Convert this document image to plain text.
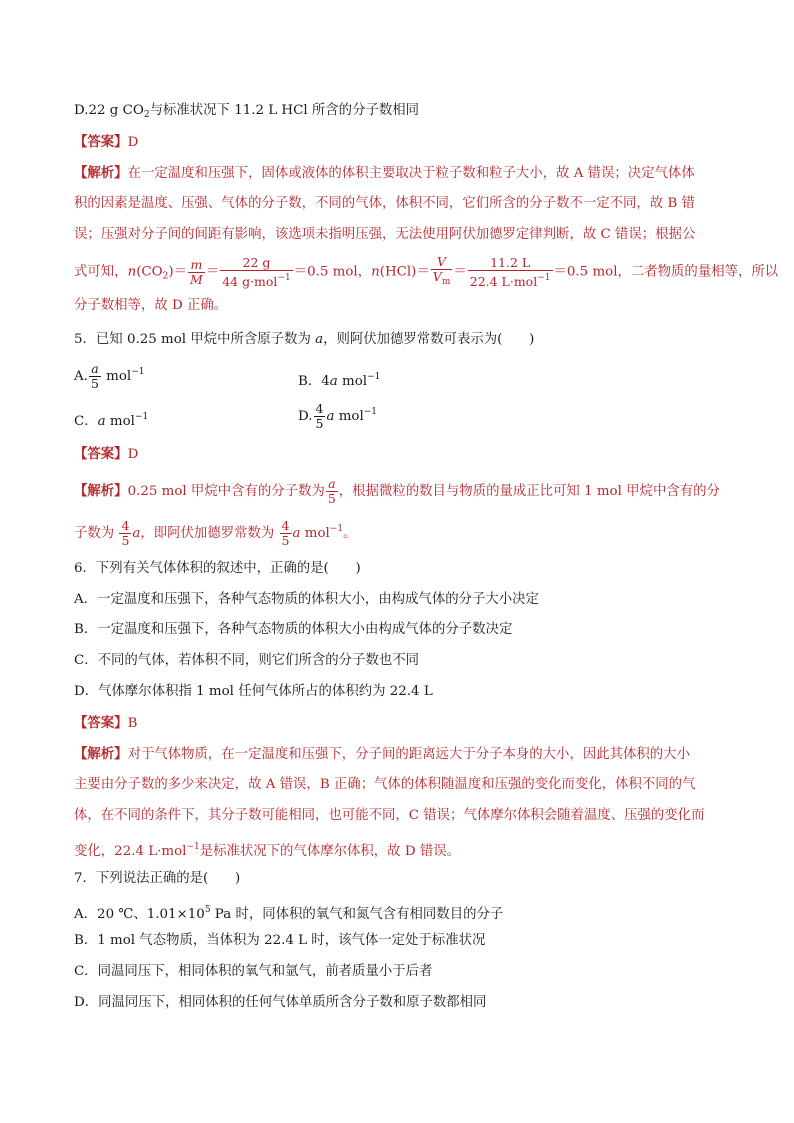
D.22 g $CO_2$与标准状况下 11.2 L HCl 所含的分子数相同
【答案】D
【解析】在一定温度和压强下，固体或液体的体积主要取决于粒子数和粒子大小，故 A 错误；决定气体体
积的因素是温度、压强、气体的分子数，不同的气体，体积不同，它们所含的分子数不一定不同，故 B 错
误；压强对分子间的间距有影响，该选项未指明压强，无法使用阿伏加德罗定律判断，故 C 错误；根据公
式可知，$n(CO_2)= \frac{m}{M} = \frac{22 g}{44 g\cdot mol^{-1}} =0.5$ mol，$n(HCl)= \frac{V}{V_m} = \frac{11.2 L}{22.4 L\cdot mol^{-1}} =0.5$ mol，二者物质的量相等，所以
分子数相等，故 D 正确。
5．已知 0.25 mol 甲烷中所含原子数为 a，则阿伏加德罗常数可表示为(　　)
A. $\frac{a}{5} mol^{-1}$
B．4a mol$^{-1}$
C．a mol$^{-1}$	D. $\frac{4}{5}$ a mol$^{-1}$
【答案】D
【解析】0.25 mol 甲烷中含有的分子数为 $\frac{a}{5}$ ，根据微粒的数目与物质的量成正比可知 1 mol 甲烷中含有的分
子数为 $\frac{4}{5}$ a，即阿伏加德罗常数为 $\frac{4}{5}$ a mol$^{-1}$。
6．下列有关气体体积的叙述中，正确的是(　　)
A．一定温度和压强下，各种气态物质的体积大小，由构成气体的分子大小决定
B．一定温度和压强下，各种气态物质的体积大小由构成气体的分子数决定
C．不同的气体，若体积不同，则它们所含的分子数也不同
D．气体摩尔体积指 1 mol 任何气体所占的体积约为 22.4 L
【答案】B
【解析】对于气体物质，在一定温度和压强下，分子间的距离远大于分子本身的大小，因此其体积的大小
主要由分子数的多少来决定，故 A 错误，B 正确；气体的体积随温度和压强的变化而变化，体积不同的气
体，在不同的条件下，其分子数可能相同，也可能不同，C 错误；气体摩尔体积会随着温度、压强的变化而
变化，22.4 L·mol$^{-1}$是标准状况下的气体摩尔体积，故 D 错误。
7．下列说法正确的是(　　)
A．20 ℃、$1.01\times 10^5$ Pa 时，同体积的氧气和氮气含有相同数目的分子
B．1 mol 气态物质，当体积为 22.4 L 时，该气体一定处于标准状况
C．同温同压下，相同体积的氧气和氩气，前者质量小于后者
D．同温同压下，相同体积的任何气体单质所含分子数和原子数都相同
